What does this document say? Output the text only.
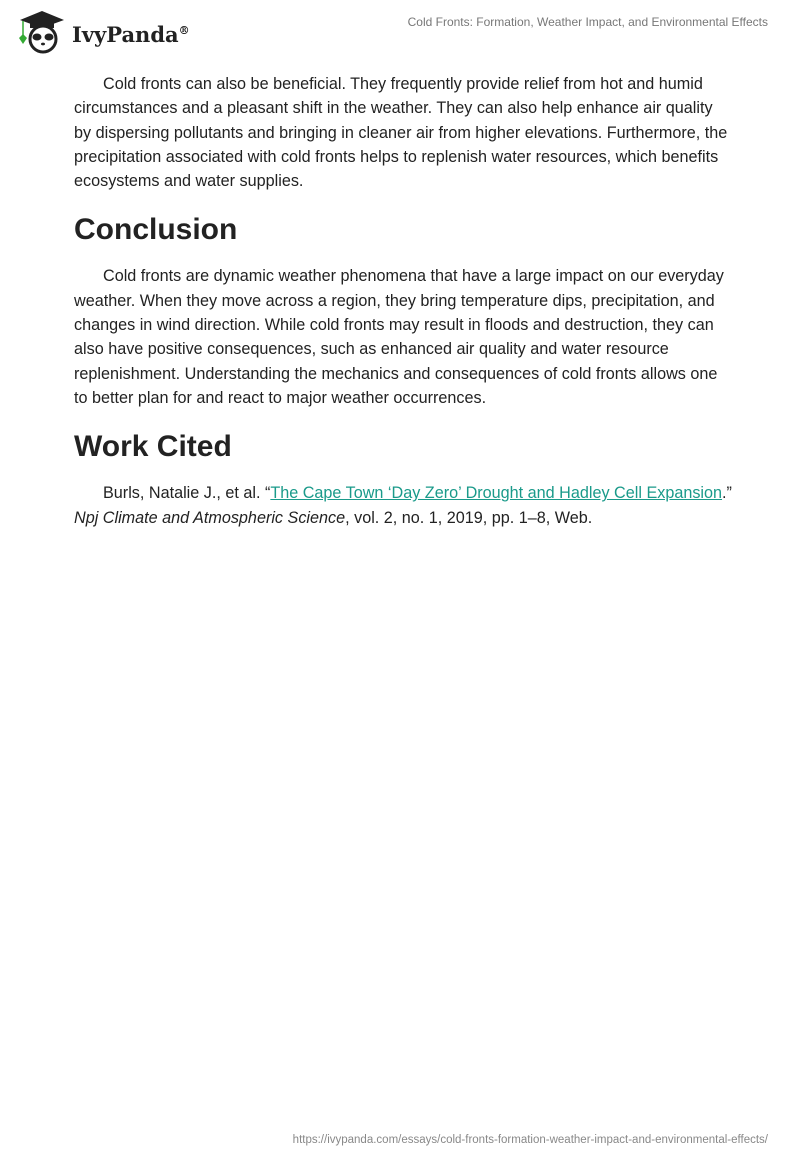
IvyPanda®
Cold Fronts: Formation, Weather Impact, and Environmental Effects

Cold fronts can also be beneficial. They frequently provide relief from hot and humid circumstances and a pleasant shift in the weather. They can also help enhance air quality by dispersing pollutants and bringing in cleaner air from higher elevations. Furthermore, the precipitation associated with cold fronts helps to replenish water resources, which benefits ecosystems and water supplies.

Conclusion

Cold fronts are dynamic weather phenomena that have a large impact on our everyday weather. When they move across a region, they bring temperature dips, precipitation, and changes in wind direction. While cold fronts may result in floods and destruction, they can also have positive consequences, such as enhanced air quality and water resource replenishment. Understanding the mechanics and consequences of cold fronts allows one to better plan for and react to major weather occurrences.

Work Cited

Burls, Natalie J., et al. “The Cape Town ‘Day Zero’ Drought and Hadley Cell Expansion.” Npj Climate and Atmospheric Science, vol. 2, no. 1, 2019, pp. 1–8, Web.

https://ivypanda.com/essays/cold-fronts-formation-weather-impact-and-environmental-effects/
